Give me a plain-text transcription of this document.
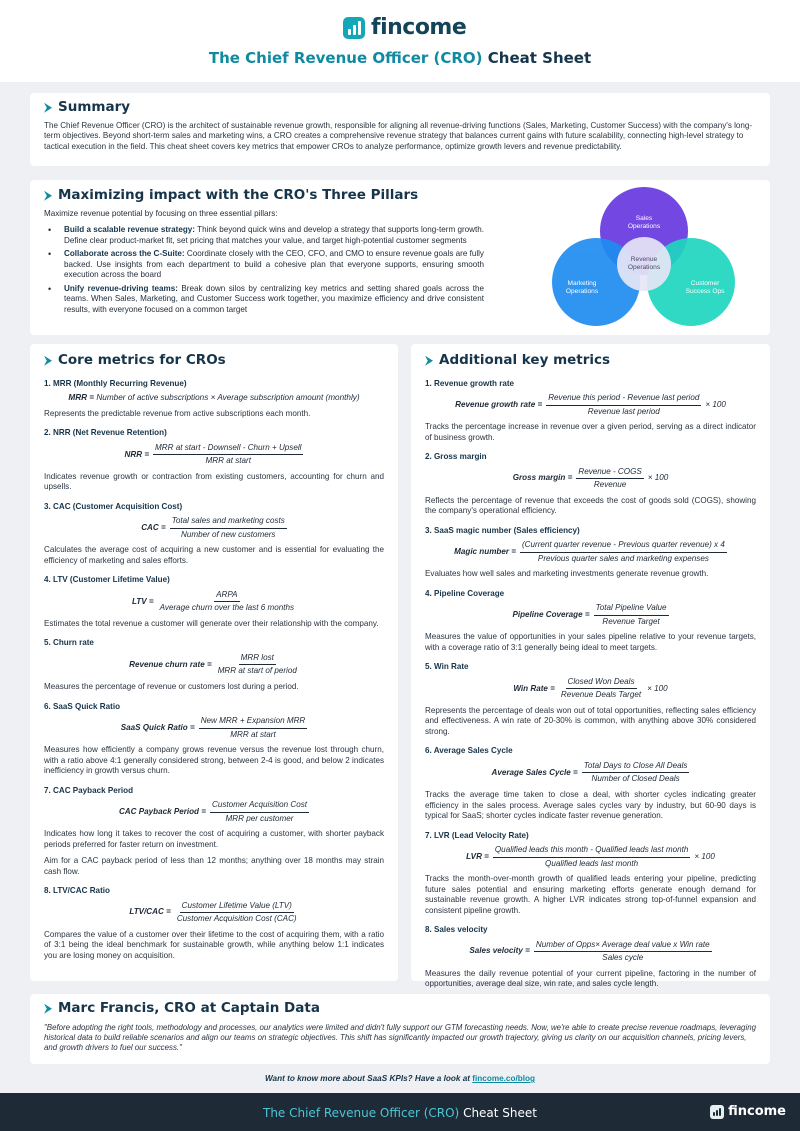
fincome
The Chief Revenue Officer (CRO) Cheat Sheet
Summary

The Chief Revenue Officer (CRO) is the architect of sustainable revenue growth, responsible for aligning all revenue-driving functions (Sales, Marketing, Customer Success) with the company's long-term objectives. Beyond short-term sales and marketing wins, a CRO creates a comprehensive revenue strategy that balances current gains with future scalability, connecting high-level strategy to tactical execution in the field. This cheat sheet covers key metrics that empower CROs to analyze performance, optimize growth levers and revenue predictability.

Maximizing impact with the CRO's Three Pillars
Maximize revenue potential by focusing on three essential pillars:
• Build a scalable revenue strategy: Think beyond quick wins and develop a strategy that supports long-term growth. Define clear product-market fit, set pricing that matches your value, and target high-potential customer segments
• Collaborate across the C-Suite: Coordinate closely with the CEO, CFO, and CMO to ensure revenue goals are fully backed. Use insights from each department to build a cohesive plan that everyone supports, ensuring smooth execution across the board
• Unify revenue-driving teams: Break down silos by centralizing key metrics and setting shared goals across the teams. When Sales, Marketing, and Customer Success work together, you maximize efficiency and drive consistent results, with everyone focused on a common target
Sales
Operations
Marketing
Operations
Customer
Success Ops
Revenue
Operations
Core metrics for CROs
1. MRR (Monthly Recurring Revenue)
MRR = Number of active subscriptions × Average subscription amount (monthly)
Represents the predictable revenue from active subscriptions each month.
2. NRR (Net Revenue Retention)
NRR = $\frac{\text{MRR at start - Downsell - Churn + Upsell}}{\text{MRR at start}}$
Indicates revenue growth or contraction from existing customers, accounting for churn and upsells.
3. CAC (Customer Acquisition Cost)
CAC = $\frac{\text{Total sales and marketing costs}}{\text{Number of new customers}}$
Calculates the average cost of acquiring a new customer and is essential for evaluating the efficiency of marketing and sales efforts.
4. LTV (Customer Lifetime Value)
LTV = $\frac{\text{ARPA}}{\text{Average churn over the last 6 months}}$
Estimates the total revenue a customer will generate over their relationship with the company.
5. Churn rate
Revenue churn rate = $\frac{\text{MRR lost}}{\text{MRR at start of period}}$
Measures the percentage of revenue or customers lost during a period.
6. SaaS Quick Ratio
SaaS Quick Ratio = $\frac{\text{New MRR + Expansion MRR}}{\text{MRR at start}}$
Measures how efficiently a company grows revenue versus the revenue lost through churn, with a ratio above 4:1 generally considered strong, between 2-4 is good, and below 2 indicates inefficiency in growth versus churn.
7. CAC Payback Period
CAC Payback Period = $\frac{\text{Customer Acquisition Cost}}{\text{MRR per customer}}$
Indicates how long it takes to recover the cost of acquiring a customer, with shorter payback periods preferred for faster return on investment.
Aim for a CAC payback period of less than 12 months; anything over 18 months may strain cash flow.
8. LTV/CAC Ratio
$LTV/CAC = \frac{\text{Customer Lifetime Value (LTV)}}{\text{Customer Acquisition Cost (CAC)}}$
Compares the value of a customer over their lifetime to the cost of acquiring them, with a ratio of 3:1 being the ideal benchmark for sustainable growth, while anything below 1:1 indicates you are losing money on acquisition.
Additional key metrics
1. Revenue growth rate
Revenue growth rate = $\frac{\text{Revenue this period - Revenue last period}}{\text{Revenue last period}} \times 100$
Tracks the percentage increase in revenue over a given period, serving as a direct indicator of business growth.
2. Gross margin
Gross margin = $\frac{\text{Revenue - COGS}}{\text{Revenue}} \times 100$
Reflects the percentage of revenue that exceeds the cost of goods sold (COGS), showing the company's operational efficiency.
3. SaaS magic number (Sales efficiency)
Magic number = $\frac{\text{(Current quarter revenue - Previous quarter revenue) x 4}}{\text{Previous quarter sales and marketing expenses}}$
Evaluates how well sales and marketing investments generate revenue growth.
4. Pipeline Coverage
Pipeline Coverage = $\frac{\text{Total Pipeline Value}}{\text{Revenue Target}}$
Measures the value of opportunities in your sales pipeline relative to your revenue targets, with a coverage ratio of 3:1 generally being ideal to meet targets.
5. Win Rate
Win Rate = $\frac{\text{Closed Won Deals}}{\text{Revenue Deals Target}} \times 100$
Represents the percentage of deals won out of total opportunities, reflecting sales efficiency and effectiveness. A win rate of 20-30% is common, with anything above 30% considered strong.
6. Average Sales Cycle
Average Sales Cycle = $\frac{\text{Total Days to Close All Deals}}{\text{Number of Closed Deals}}$
Tracks the average time taken to close a deal, with shorter cycles indicating greater efficiency in the sales process. Average sales cycles vary by industry, but 60-90 days is typical for SaaS; shorter cycles indicate faster revenue generation.
7. LVR (Lead Velocity Rate)
LVR = $\frac{\text{Qualified leads this month - Qualified leads last month}}{\text{Qualified leads last month}} \times 100$
Tracks the month-over-month growth of qualified leads entering your pipeline, predicting future sales potential and ensuring marketing efforts generate enough demand for sustainable revenue growth. A higher LVR indicates strong top-of-funnel expansion and consistent pipeline growth.
8. Sales velocity
Sales velocity = $\frac{\text{Number of Opps× Average deal value x Win rate}}{\text{Sales cycle}}$
Measures the daily revenue potential of your current pipeline, factoring in the number of opportunities, average deal size, win rate, and sales cycle length.
Marc Francis, CRO at Captain Data

"Before adopting the right tools, methodology and processes, our analytics were limited and didn't fully support our GTM forecasting needs. Now, we're able to create precise revenue roadmaps, leveraging historical data to build reliable scenarios and align our teams on strategic objectives. This shift has significantly impacted our growth trajectory, giving us clarity on our acquisition channels, pricing levers, and growth drivers to fuel our success."

Want to know more about SaaS KPIs? Have a look at fincome.co/blog
The Chief Revenue Officer (CRO) Cheat Sheet	fincome
